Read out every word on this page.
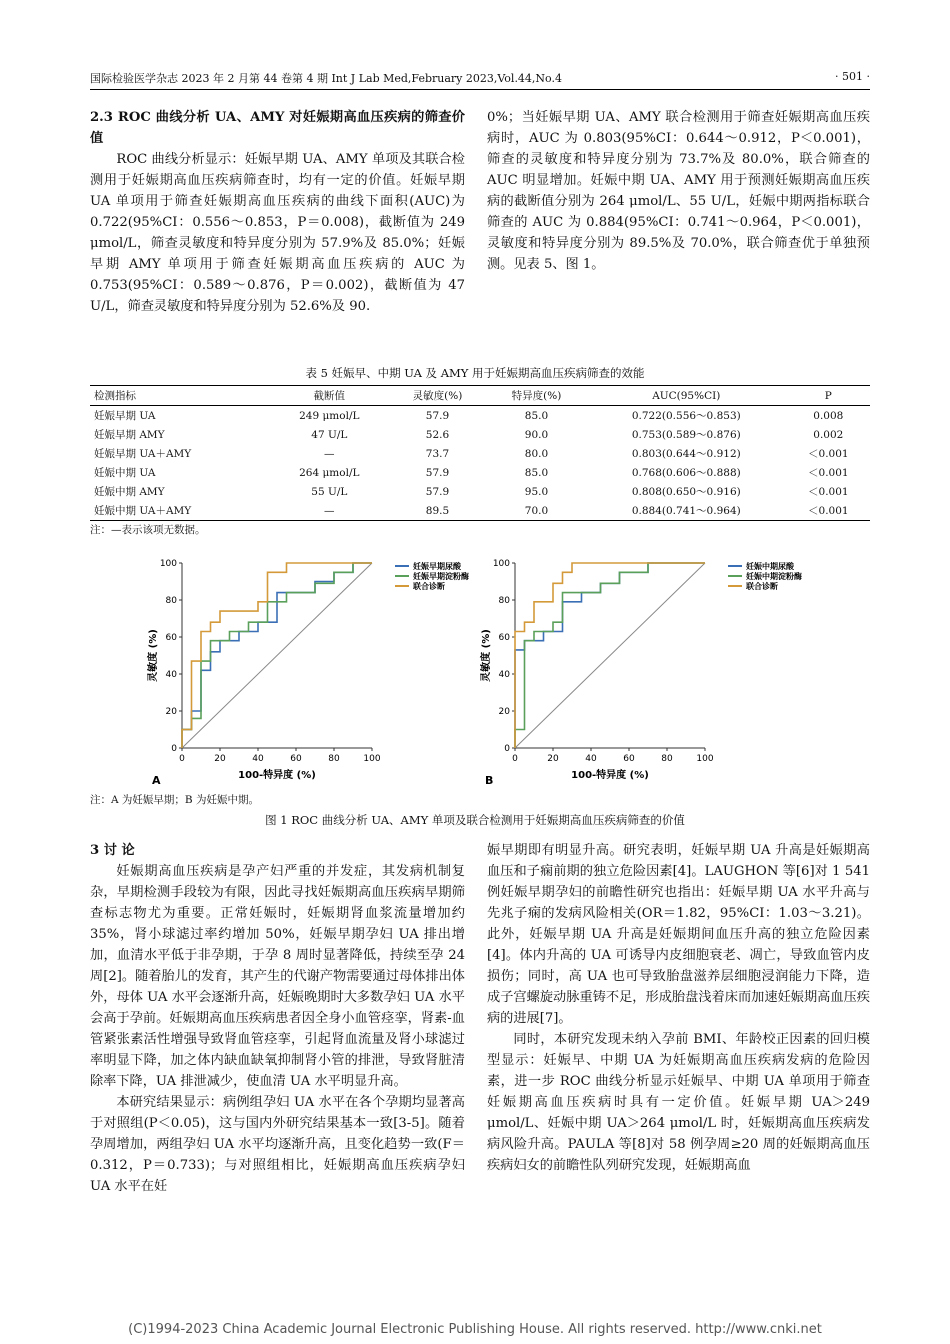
国际检验医学杂志 2023 年 2 月第 44 卷第 4 期 Int J Lab Med,February 2023,Vol.44,No.4	· 501 ·

2.3 ROC 曲线分析 UA、AMY 对妊娠期高血压疾病的筛查价值

ROC 曲线分析显示：妊娠早期 UA、AMY 单项及其联合检测用于妊娠期高血压疾病筛查时，均有一定的价值。妊娠早期 UA 单项用于筛查妊娠期高血压疾病的曲线下面积(AUC)为 0.722(95%CI：0.556～0.853，P＝0.008)，截断值为 249 μmol/L，筛查灵敏度和特异度分别为 57.9%及 85.0%；妊娠早期 AMY 单项用于筛查妊娠期高血压疾病的 AUC 为 0.753(95%CI：0.589～0.876，P＝0.002)，截断值为 47 U/L，筛查灵敏度和特异度分别为 52.6%及 90.

0%；当妊娠早期 UA、AMY 联合检测用于筛查妊娠期高血压疾病时，AUC 为 0.803(95%CI：0.644～0.912，P＜0.001)，筛查的灵敏度和特异度分别为 73.7%及 80.0%，联合筛查的 AUC 明显增加。妊娠中期 UA、AMY 用于预测妊娠期高血压疾病的截断值分别为 264 μmol/L、55 U/L，妊娠中期两指标联合筛查的 AUC 为 0.884(95%CI：0.741～0.964，P＜0.001)，灵敏度和特异度分别为 89.5%及 70.0%，联合筛查优于单独预测。见表 5、图 1。

表 5 妊娠早、中期 UA 及 AMY 用于妊娠期高血压疾病筛查的效能
检测指标	截断值	灵敏度(%)	特异度(%)	AUC(95%CI)	P
妊娠早期 UA	249 μmol/L	57.9	85.0	0.722(0.556～0.853)	0.008
妊娠早期 AMY	47 U/L	52.6	90.0	0.753(0.589～0.876)	0.002
妊娠早期 UA＋AMY	—	73.7	80.0	0.803(0.644～0.912)	＜0.001
妊娠中期 UA	264 μmol/L	57.9	85.0	0.768(0.606～0.888)	＜0.001
妊娠中期 AMY	55 U/L	57.9	95.0	0.808(0.650～0.916)	＜0.001
妊娠中期 UA＋AMY	—	89.5	70.0	0.884(0.741～0.964)	＜0.001
注：—表示该项无数据。
0
0
20
20
40
40
60
60
80
80
100
100
100-特异度 (%)
灵敏度 (%)
A
妊娠早期尿酸
妊娠早期淀粉酶
联合诊断
0
0
20
20
40
40
60
60
80
80
100
100
100-特异度 (%)
灵敏度 (%)
B
妊娠中期尿酸
妊娠中期淀粉酶
联合诊断
注：A 为妊娠早期；B 为妊娠中期。
图 1 ROC 曲线分析 UA、AMY 单项及联合检测用于妊娠期高血压疾病筛查的价值

3 讨 论

妊娠期高血压疾病是孕产妇严重的并发症，其发病机制复杂，早期检测手段较为有限，因此寻找妊娠期高血压疾病早期筛查标志物尤为重要。正常妊娠时，妊娠期肾血浆流量增加约 35%，肾小球滤过率约增加 50%，妊娠早期孕妇 UA 排出增加，血清水平低于非孕期，于孕 8 周时显著降低，持续至孕 24 周[2]。随着胎儿的发育，其产生的代谢产物需要通过母体排出体外，母体 UA 水平会逐渐升高，妊娠晚期时大多数孕妇 UA 水平会高于孕前。妊娠期高血压疾病患者因全身小血管痉挛，肾素-血管紧张素活性增强导致肾血管痉挛，引起肾血流量及肾小球滤过率明显下降，加之体内缺血缺氧抑制肾小管的排泄，导致肾脏清除率下降，UA 排泄减少，使血清 UA 水平明显升高。

本研究结果显示：病例组孕妇 UA 水平在各个孕期均显著高于对照组(P＜0.05)，这与国内外研究结果基本一致[3-5]。随着孕周增加，两组孕妇 UA 水平均逐渐升高，且变化趋势一致(F＝0.312，P＝0.733)；与对照组相比，妊娠期高血压疾病孕妇 UA 水平在妊

娠早期即有明显升高。研究表明，妊娠早期 UA 升高是妊娠期高血压和子痫前期的独立危险因素[4]。LAUGHON 等[6]对 1 541 例妊娠早期孕妇的前瞻性研究也指出：妊娠早期 UA 水平升高与先兆子痫的发病风险相关(OR＝1.82，95%CI：1.03～3.21)。此外，妊娠早期 UA 升高是妊娠期间血压升高的独立危险因素[4]。体内升高的 UA 可诱导内皮细胞衰老、凋亡，导致血管内皮损伤；同时，高 UA 也可导致胎盘滋养层细胞浸润能力下降，造成子宫螺旋动脉重铸不足，形成胎盘浅着床而加速妊娠期高血压疾病的进展[7]。

同时，本研究发现未纳入孕前 BMI、年龄校正因素的回归模型显示：妊娠早、中期 UA 为妊娠期高血压疾病发病的危险因素，进一步 ROC 曲线分析显示妊娠早、中期 UA 单项用于筛查妊娠期高血压疾病时具有一定价值。妊娠早期 UA＞249 μmol/L、妊娠中期 UA＞264 μmol/L 时，妊娠期高血压疾病发病风险升高。PAULA 等[8]对 58 例孕周≥20 周的妊娠期高血压疾病妇女的前瞻性队列研究发现，妊娠期高血

(C)1994-2023 China Academic Journal Electronic Publishing House. All rights reserved. http://www.cnki.net
